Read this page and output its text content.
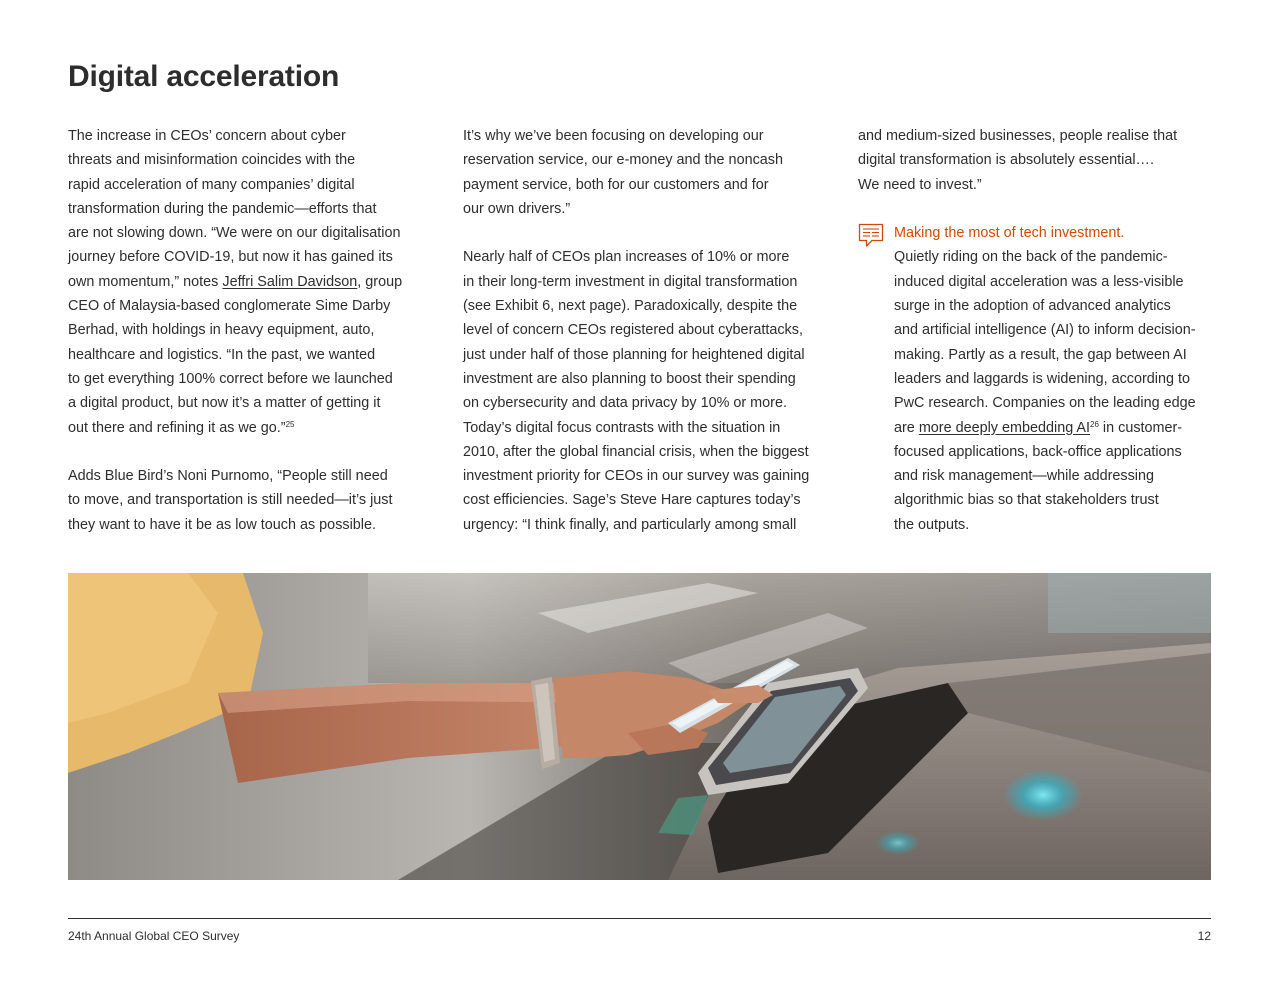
Digital acceleration

The increase in CEOs’ concern about cyber
threats and misinformation coincides with the
rapid acceleration of many companies’ digital
transformation during the pandemic—efforts that
are not slowing down. “We were on our digitalisation
journey before COVID-19, but now it has gained its
own momentum,” notes Jeffri Salim Davidson, group
CEO of Malaysia-based conglomerate Sime Darby
Berhad, with holdings in heavy equipment, auto,
healthcare and logistics. “In the past, we wanted
to get everything 100% correct before we launched
a digital product, but now it’s a matter of getting it
out there and refining it as we go.”$^{25}$

Adds Blue Bird’s Noni Purnomo, “People still need
to move, and transportation is still needed—it’s just
they want to have it be as low touch as possible.

It’s why we’ve been focusing on developing our
reservation service, our e-money and the noncash
payment service, both for our customers and for
our own drivers.”

Nearly half of CEOs plan increases of 10% or more
in their long-term investment in digital transformation
(see Exhibit 6, next page). Paradoxically, despite the
level of concern CEOs registered about cyberattacks,
just under half of those planning for heightened digital
investment are also planning to boost their spending
on cybersecurity and data privacy by 10% or more.
Today’s digital focus contrasts with the situation in
2010, after the global financial crisis, when the biggest
investment priority for CEOs in our survey was gaining
cost efficiencies. Sage’s Steve Hare captures today’s
urgency: “I think finally, and particularly among small

and medium-sized businesses, people realise that
digital transformation is absolutely essential….
We need to invest.”

Making the most of tech investment.
Quietly riding on the back of the pandemic-
induced digital acceleration was a less-visible
surge in the adoption of advanced analytics
and artificial intelligence (AI) to inform decision-
making. Partly as a result, the gap between AI
leaders and laggards is widening, according to
PwC research. Companies on the leading edge
are more deeply embedding AI$^{26}$ in customer-
focused applications, back-office applications
and risk management—while addressing
algorithmic bias so that stakeholders trust
the outputs.
24th Annual Global CEO Survey	12
